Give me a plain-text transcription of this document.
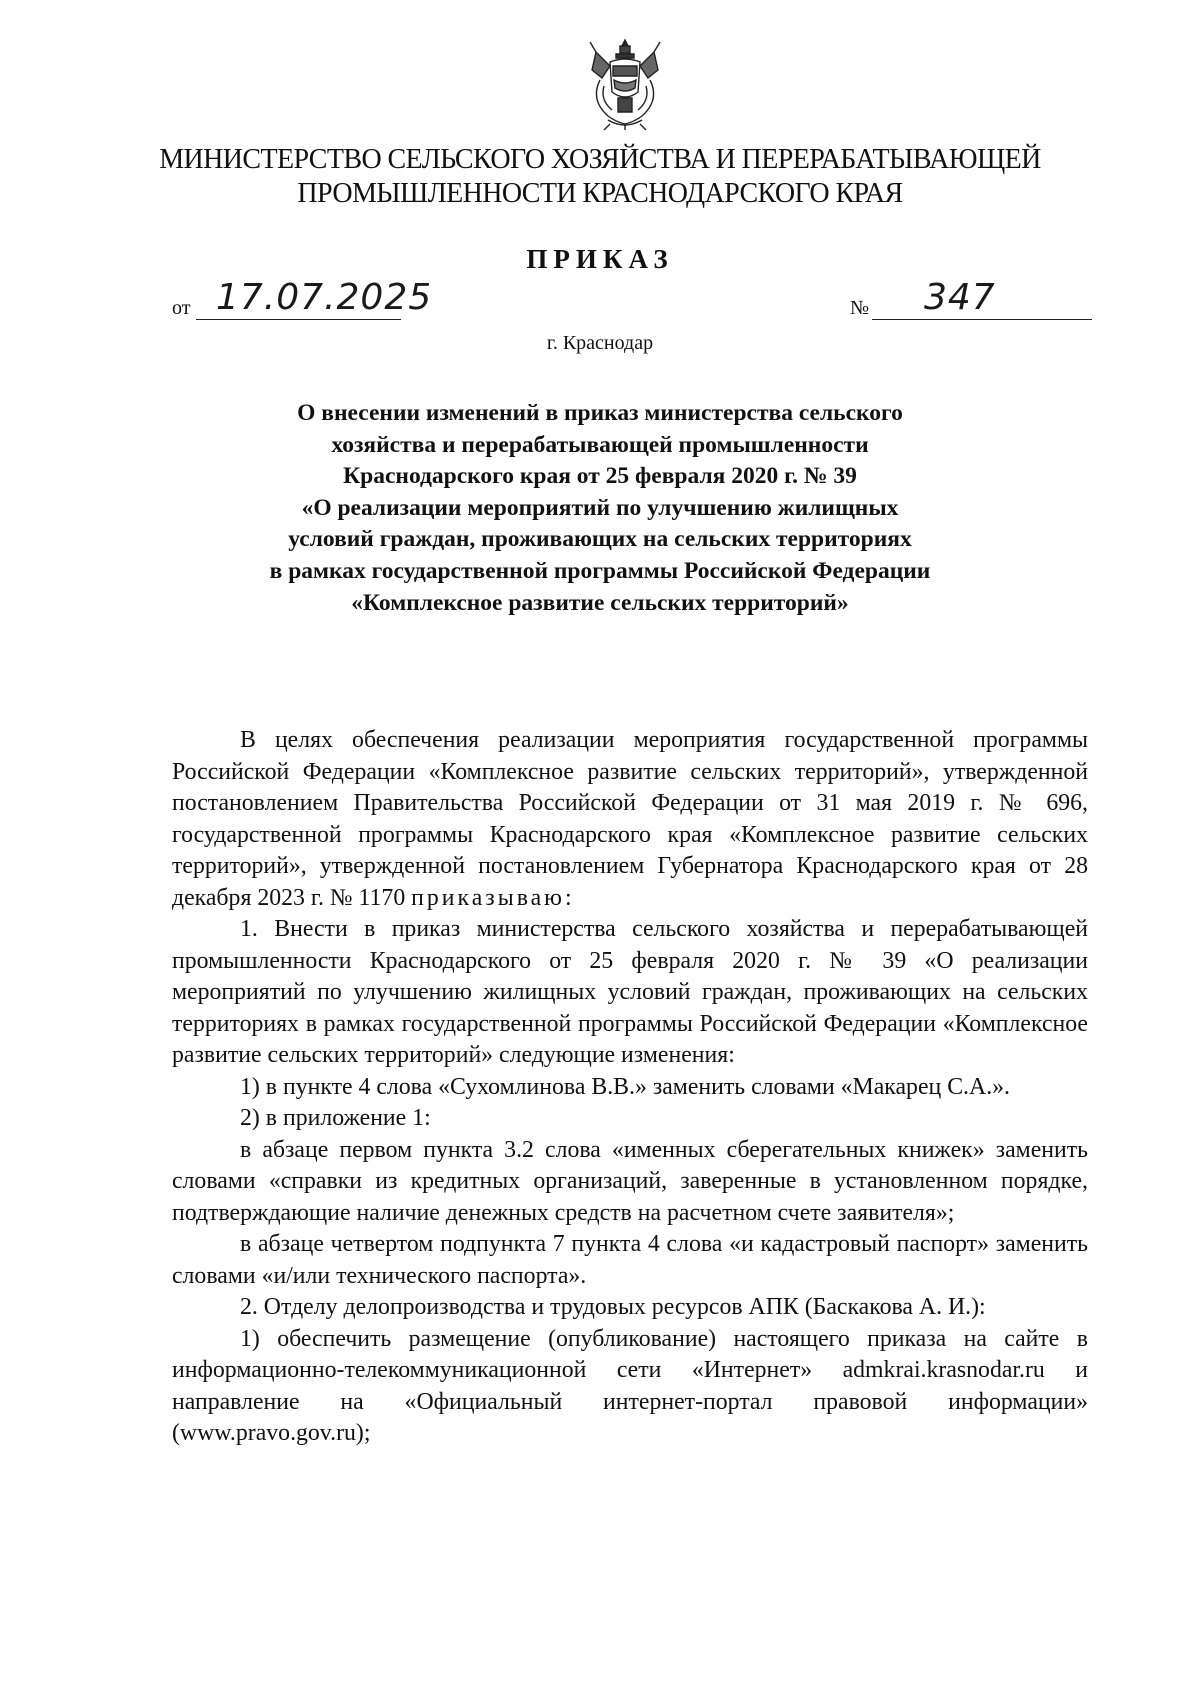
МИНИСТЕРСТВО СЕЛЬСКОГО ХОЗЯЙСТВА И ПЕРЕРАБАТЫВАЮЩЕЙ
ПРОМЫШЛЕННОСТИ КРАСНОДАРСКОГО КРАЯ
ПРИКАЗ
от 17.07.2025	№ 347
г. Краснодар
О внесении изменений в приказ министерства сельского
хозяйства и перерабатывающей промышленности
Краснодарского края от 25 февраля 2020 г. № 39
«О реализации мероприятий по улучшению жилищных
условий граждан, проживающих на сельских территориях
в рамках государственной программы Российской Федерации
«Комплексное развитие сельских территорий»

В целях обеспечения реализации мероприятия государственной программы Российской Федерации «Комплексное развитие сельских территорий», утвержденной постановлением Правительства Российской Федерации от 31 мая 2019 г. № 696, государственной программы Краснодарского края «Комплексное развитие сельских территорий», утвержденной постановлением Губернатора Краснодарского края от 28 декабря 2023 г. № 1170 приказываю:

1. Внести в приказ министерства сельского хозяйства и перерабатывающей промышленности Краснодарского от 25 февраля 2020 г. № 39 «О реализации мероприятий по улучшению жилищных условий граждан, проживающих на сельских территориях в рамках государственной программы Российской Федерации «Комплексное развитие сельских территорий» следующие изменения:

1) в пункте 4 слова «Сухомлинова В.В.» заменить словами «Макарец С.А.».

2) в приложение 1:

в абзаце первом пункта 3.2 слова «именных сберегательных книжек» заменить словами «справки из кредитных организаций, заверенные в установленном порядке, подтверждающие наличие денежных средств на расчетном счете заявителя»;

в абзаце четвертом подпункта 7 пункта 4 слова «и кадастровый паспорт» заменить словами «и/или технического паспорта».

2. Отделу делопроизводства и трудовых ресурсов АПК (Баскакова А. И.):

1) обеспечить размещение (опубликование) настоящего приказа на сайте в информационно-телекоммуникационной сети «Интернет» admkrai.krasnodar.ru и направление на «Официальный интернет-портал правовой информации» (www.pravo.gov.ru);
